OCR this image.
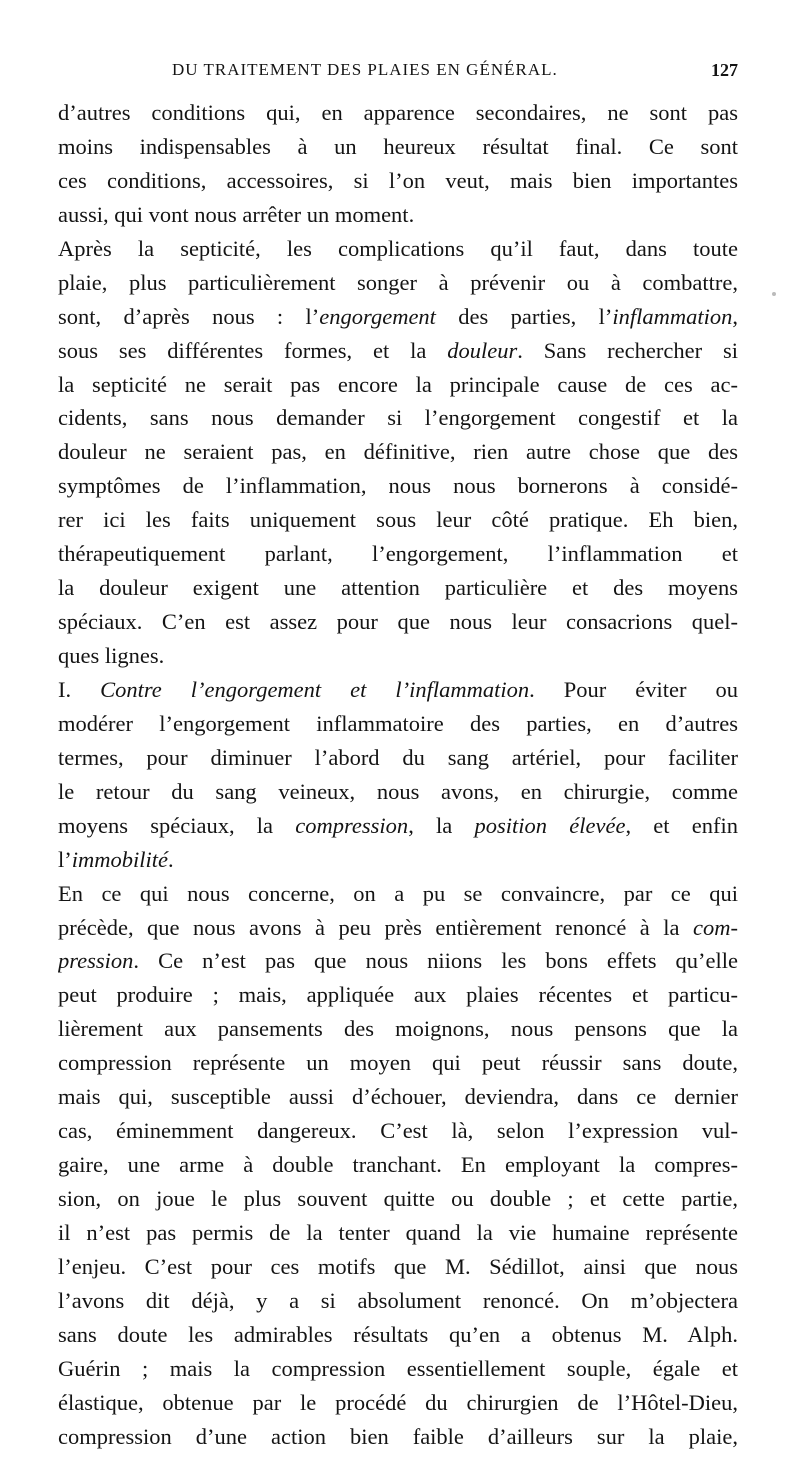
DU TRAITEMENT DES PLAIES EN GÉNÉRAL.	127
d’autres conditions qui, en apparence secondaires, ne sont pas
moins indispensables à un heureux résultat final. Ce sont
ces conditions, accessoires, si l’on veut, mais bien importantes
aussi, qui vont nous arrêter un moment.
Après la septicité, les complications qu’il faut, dans toute
plaie, plus particulièrement songer à prévenir ou à combattre,
sont, d’après nous : l’engorgement des parties, l’inflammation,
sous ses différentes formes, et la douleur. Sans rechercher si
la septicité ne serait pas encore la principale cause de ces ac-
cidents, sans nous demander si l’engorgement congestif et la
douleur ne seraient pas, en définitive, rien autre chose que des
symptômes de l’inflammation, nous nous bornerons à considé-
rer ici les faits uniquement sous leur côté pratique. Eh bien,
thérapeutiquement parlant, l’engorgement, l’inflammation et
la douleur exigent une attention particulière et des moyens
spéciaux. C’en est assez pour que nous leur consacrions quel-
ques lignes.
I. Contre l’engorgement et l’inflammation. Pour éviter ou
modérer l’engorgement inflammatoire des parties, en d’autres
termes, pour diminuer l’abord du sang artériel, pour faciliter
le retour du sang veineux, nous avons, en chirurgie, comme
moyens spéciaux, la compression, la position élevée, et enfin
l’immobilité.
En ce qui nous concerne, on a pu se convaincre, par ce qui
précède, que nous avons à peu près entièrement renoncé à la com-
pression. Ce n’est pas que nous niions les bons effets qu’elle
peut produire ; mais, appliquée aux plaies récentes et particu-
lièrement aux pansements des moignons, nous pensons que la
compression représente un moyen qui peut réussir sans doute,
mais qui, susceptible aussi d’échouer, deviendra, dans ce dernier
cas, éminemment dangereux. C’est là, selon l’expression vul-
gaire, une arme à double tranchant. En employant la compres-
sion, on joue le plus souvent quitte ou double ; et cette partie,
il n’est pas permis de la tenter quand la vie humaine représente
l’enjeu. C’est pour ces motifs que M. Sédillot, ainsi que nous
l’avons dit déjà, y a si absolument renoncé. On m’objectera
sans doute les admirables résultats qu’en a obtenus M. Alph.
Guérin ; mais la compression essentiellement souple, égale et
élastique, obtenue par le procédé du chirurgien de l’Hôtel-Dieu,
compression d’une action bien faible d’ailleurs sur la plaie,
